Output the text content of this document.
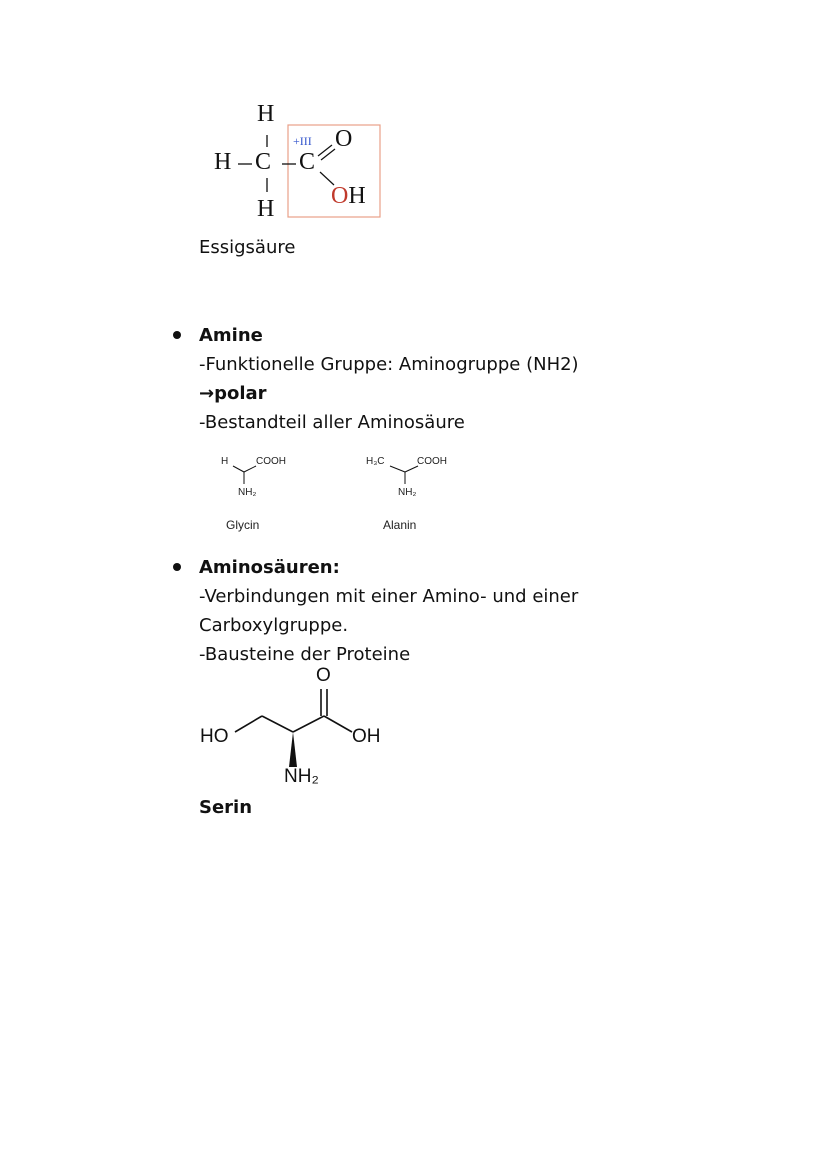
H
H C C
H
+III O
OH
Essigsäure
Amine
-Funktionelle Gruppe: Aminogruppe (NH2)
→polar
-Bestandteil aller Aminosäure
H	COOH
NH₂
Glycin
H₃C	COOH
NH₂
Alanin
Aminosäuren:
-Verbindungen mit einer Amino- und einer
Carboxylgruppe.
-Bausteine der Proteine
HO	OH
O
NH₂
Serin
